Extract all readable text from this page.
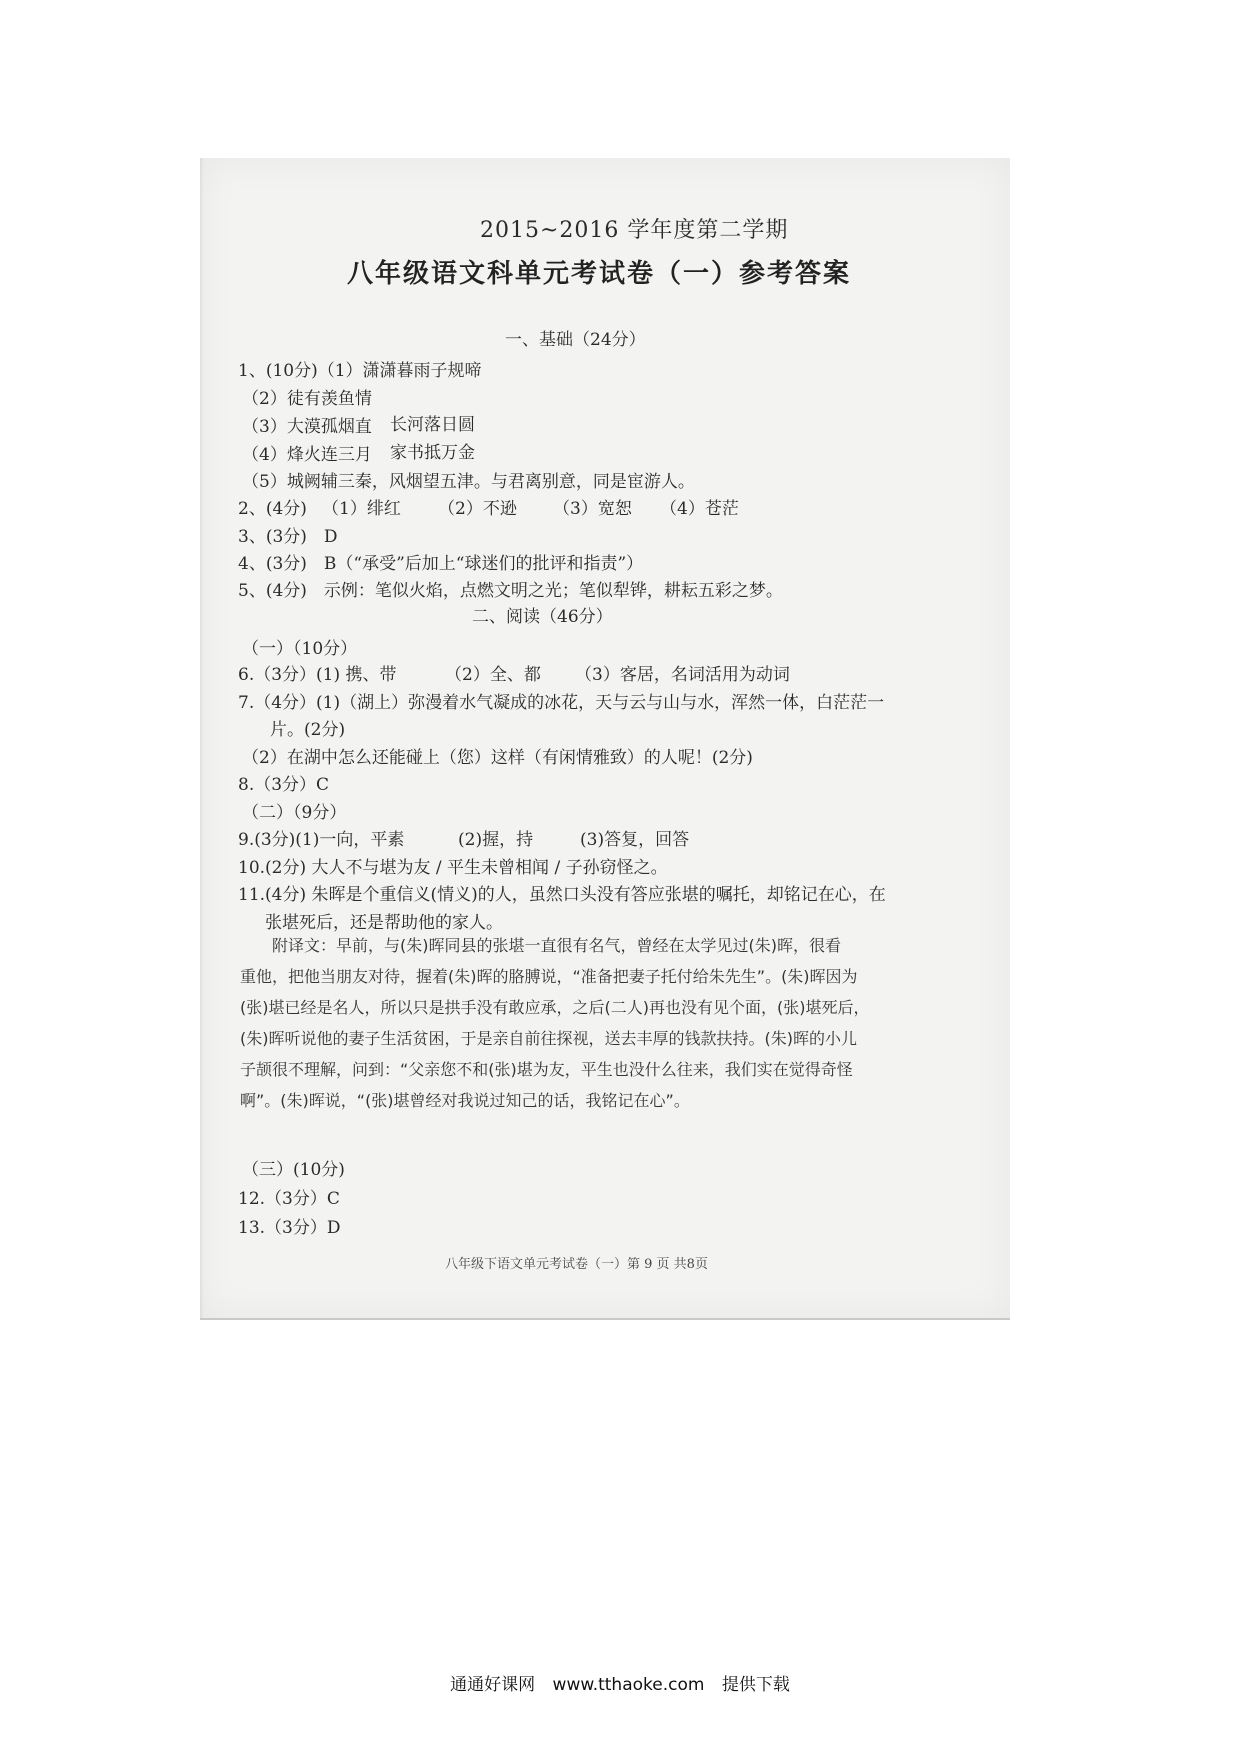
2015~2016 学年度第二学期
八年级语文科单元考试卷（一）参考答案
一、基础（24分）
1、(10分)（1）潇潇暮雨子规啼
（2）徒有羡鱼情
（3）大漠孤烟直 长河落日圆
（4）烽火连三月 家书抵万金
（5）城阙辅三秦，风烟望五津。与君离别意，同是宦游人。
2、(4分) （1）绯红 （2）不逊 （3）宽恕 （4）苍茫
3、(3分)　D
4、(3分)　B（“承受”后加上“球迷们的批评和指责”）
5、(4分)　示例：笔似火焰，点燃文明之光；笔似犁铧，耕耘五彩之梦。
二、阅读（46分）
（一）（10分）
6.（3分）(1) 携、带	（2）全、都 （3）客居，名词活用为动词
7.（4分）(1)（湖上）弥漫着水气凝成的冰花，天与云与山与水，浑然一体，白茫茫一
片。(2分)
（2）在湖中怎么还能碰上（您）这样（有闲情雅致）的人呢！(2分)
8.（3分）C
（二）（9分）
9.(3分)(1)一向，平素	(2)握，持	(3)答复，回答
10.(2分) 大人不与堪为友 / 平生未曾相闻 / 子孙窃怪之。
11.(4分) 朱晖是个重信义(情义)的人，虽然口头没有答应张堪的嘱托，却铭记在心，在
张堪死后，还是帮助他的家人。
附译文：早前，与(朱)晖同县的张堪一直很有名气，曾经在太学见过(朱)晖，很看
重他，把他当朋友对待，握着(朱)晖的胳膊说，“准备把妻子托付给朱先生”。(朱)晖因为
(张)堪已经是名人，所以只是拱手没有敢应承，之后(二人)再也没有见个面，(张)堪死后，
(朱)晖听说他的妻子生活贫困，于是亲自前往探视，送去丰厚的钱款扶持。(朱)晖的小儿
子颉很不理解，问到：“父亲您不和(张)堪为友，平生也没什么往来，我们实在觉得奇怪
啊”。(朱)晖说，“(张)堪曾经对我说过知己的话，我铭记在心”。
（三）(10分)
12.（3分）C
13.（3分）D
八年级下语文单元考试卷（一）第 9 页 共8页
通通好课网 www.tthaoke.com 提供下载
